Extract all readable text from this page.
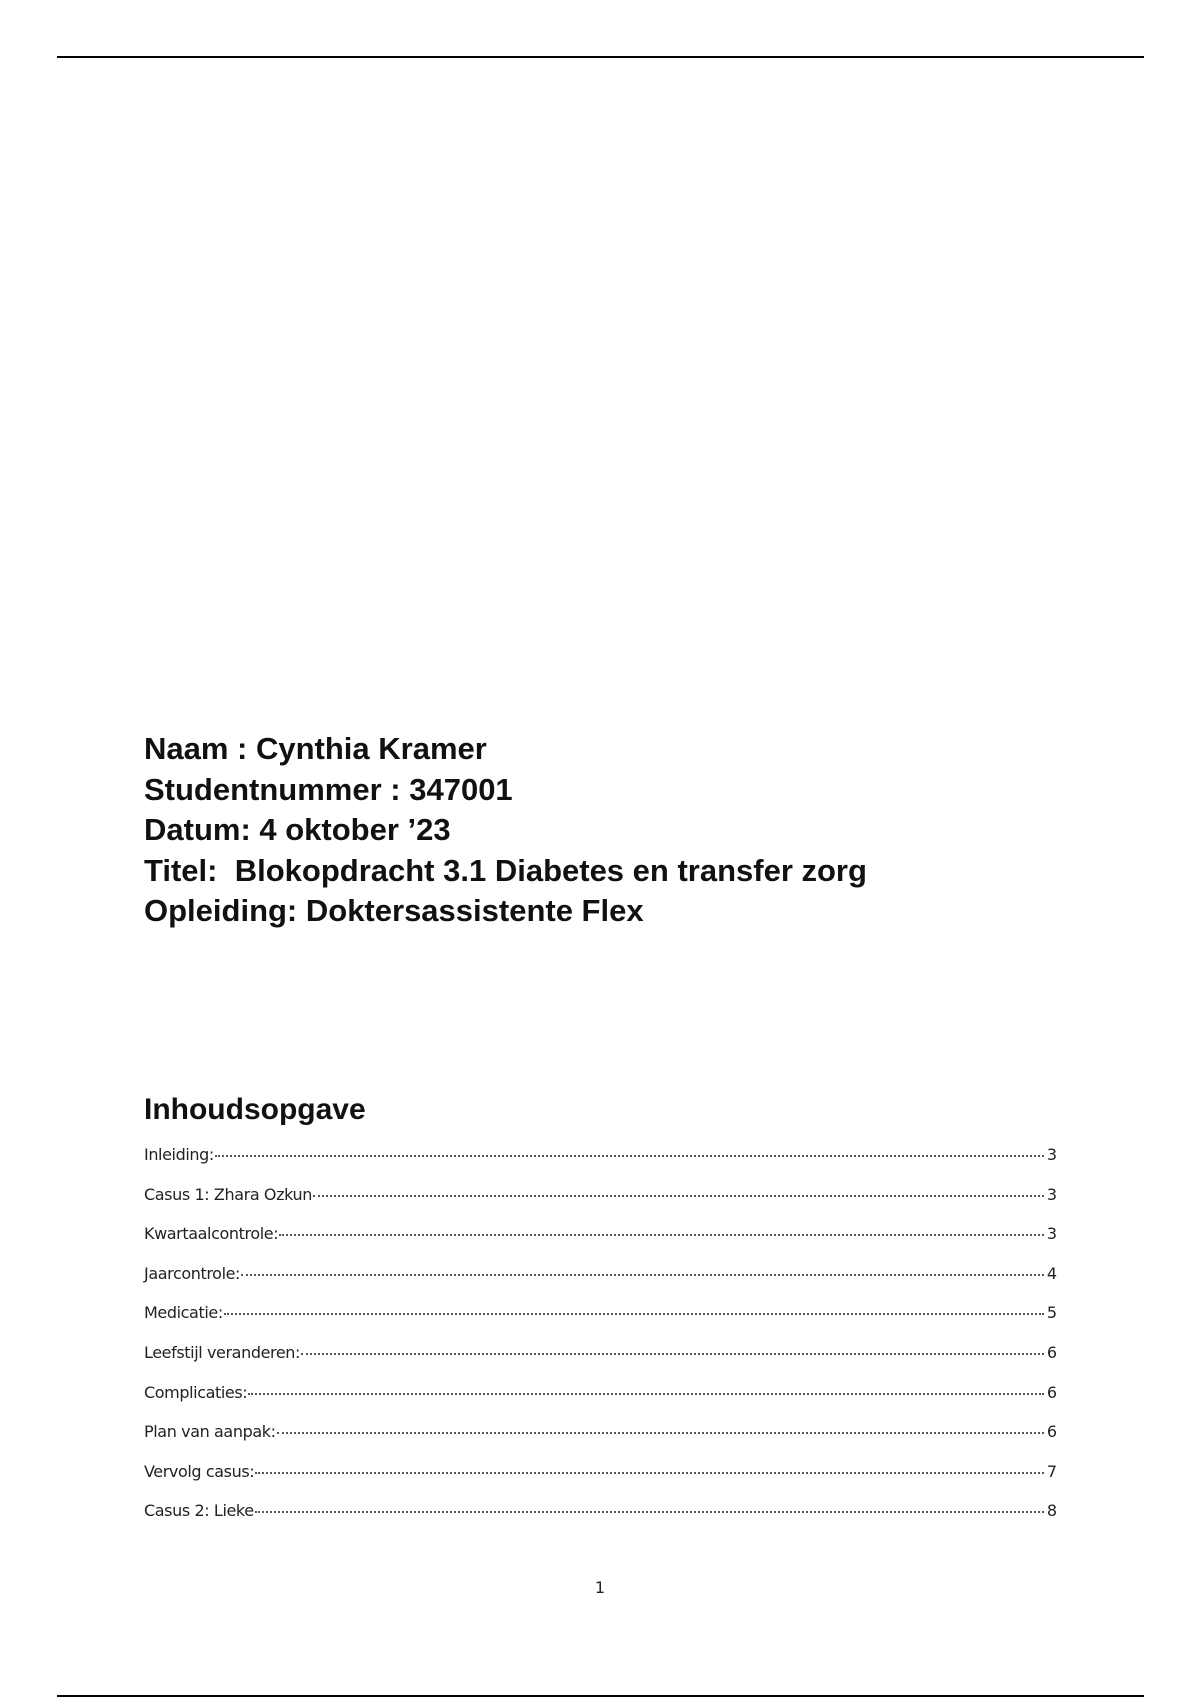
Naam : Cynthia Kramer
Studentnummer : 347001
Datum: 4 oktober ’23
Titel:  Blokopdracht 3.1 Diabetes en transfer zorg
Opleiding: Doktersassistente Flex
Inhoudsopgave
Inleiding:	3
Casus 1: Zhara Ozkun	3
Kwartaalcontrole:	3
Jaarcontrole:	4
Medicatie:	5
Leefstijl veranderen:	6
Complicaties:	6
Plan van aanpak:	6
Vervolg casus:	7
Casus 2: Lieke	8
1
